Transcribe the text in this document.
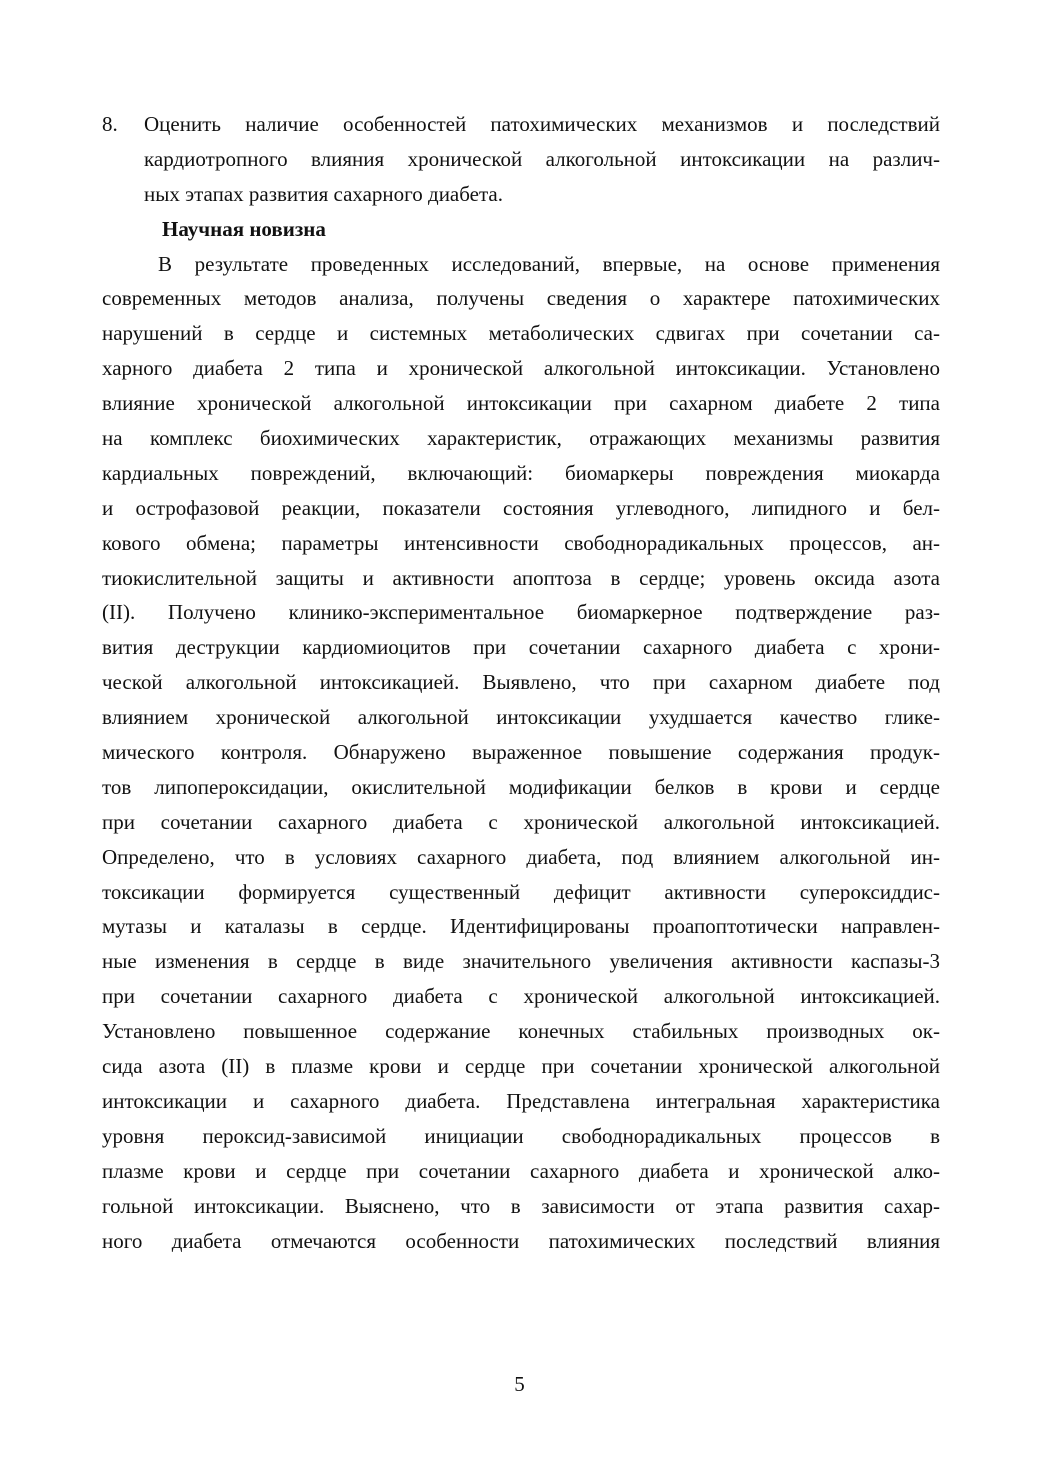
8. Оценить наличие особенностей патохимических механизмов и последствий
кардиотропного влияния хронической алкогольной интоксикации на различ-
ных этапах развития сахарного диабета.
Научная новизна
В результате проведенных исследований, впервые, на основе применения
современных методов анализа, получены сведения о характере патохимических
нарушений в сердце и системных метаболических сдвигах при сочетании са-
харного диабета 2 типа и хронической алкогольной интоксикации. Установлено
влияние хронической алкогольной интоксикации при сахарном диабете 2 типа
на комплекс биохимических характеристик, отражающих механизмы развития
кардиальных повреждений, включающий: биомаркеры повреждения миокарда
и острофазовой реакции, показатели состояния углеводного, липидного и бел-
кового обмена; параметры интенсивности свободнорадикальных процессов, ан-
тиокислительной защиты и активности апоптоза в сердце; уровень оксида азота
(II). Получено клинико-экспериментальное биомаркерное подтверждение раз-
вития деструкции кардиомиоцитов при сочетании сахарного диабета с хрони-
ческой алкогольной интоксикацией. Выявлено, что при сахарном диабете под
влиянием хронической алкогольной интоксикации ухудшается качество глике-
мического контроля. Обнаружено выраженное повышение содержания продук-
тов липопероксидации, окислительной модификации белков в крови и сердце
при сочетании сахарного диабета с хронической алкогольной интоксикацией.
Определено, что в условиях сахарного диабета, под влиянием алкогольной ин-
токсикации формируется существенный дефицит активности супероксиддис-
мутазы и каталазы в сердце. Идентифицированы проапоптотически направлен-
ные изменения в сердце в виде значительного увеличения активности каспазы-3
при сочетании сахарного диабета с хронической алкогольной интоксикацией.
Установлено повышенное содержание конечных стабильных производных ок-
сида азота (II) в плазме крови и сердце при сочетании хронической алкогольной
интоксикации и сахарного диабета. Представлена интегральная характеристика
уровня пероксид-зависимой инициации свободнорадикальных процессов в
плазме крови и сердце при сочетании сахарного диабета и хронической алко-
гольной интоксикации. Выяснено, что в зависимости от этапа развития сахар-
ного диабета отмечаются особенности патохимических последствий влияния
5
